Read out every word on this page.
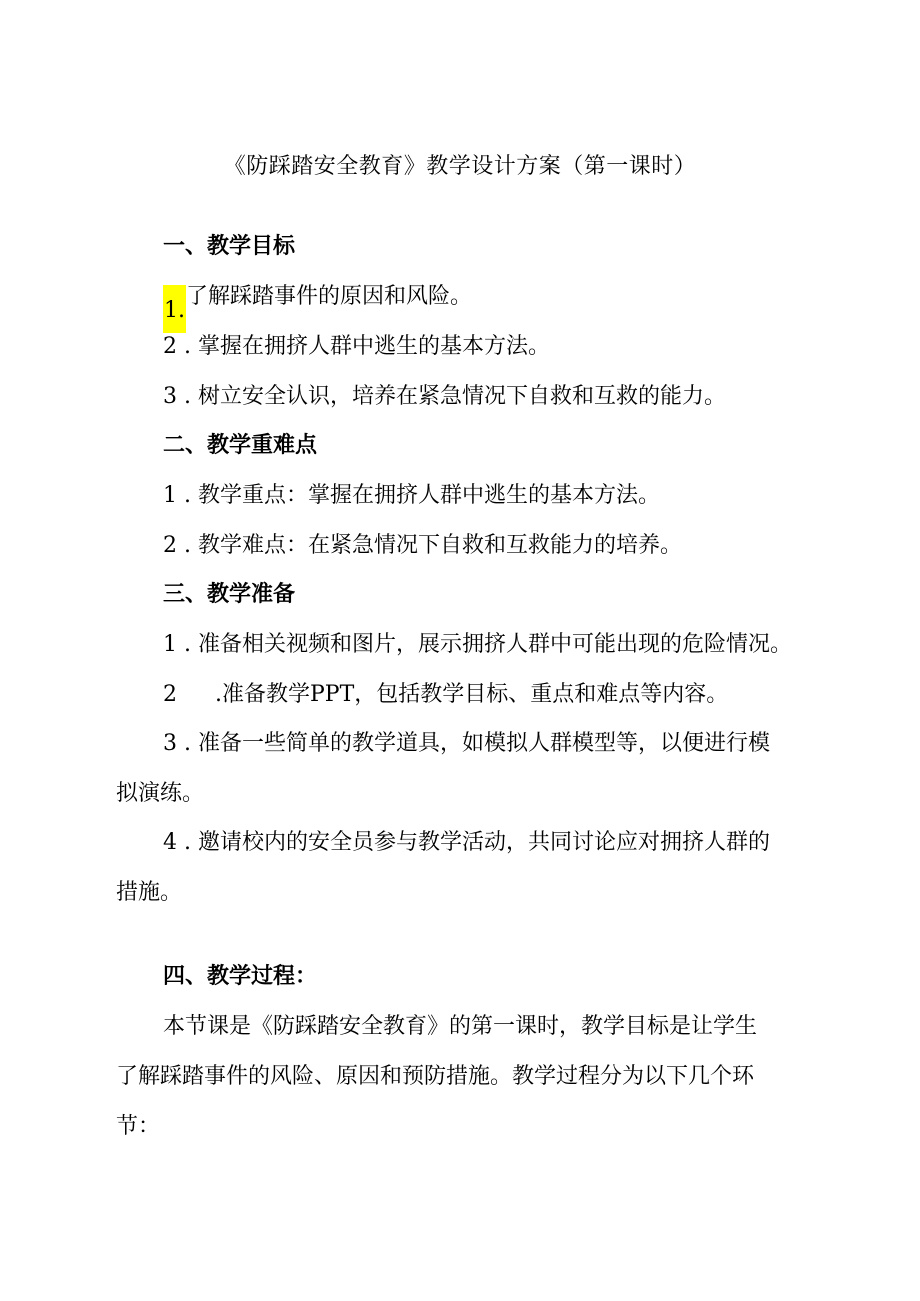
《防踩踏安全教育》教学设计方案（第一课时）
一、教学目标
1.了解踩踏事件的原因和风险。
2 . 掌握在拥挤人群中逃生的基本方法。
3 . 树立安全认识，培养在紧急情况下自救和互救的能力。
二、教学重难点
1 . 教学重点：掌握在拥挤人群中逃生的基本方法。
2 . 教学难点：在紧急情况下自救和互救能力的培养。
三、教学准备
1 . 准备相关视频和图片，展示拥挤人群中可能出现的危险情况。
2 .准备教学PPT，包括教学目标、重点和难点等内容。
3 . 准备一些简单的教学道具，如模拟人群模型等，以便进行模
拟演练。
4 . 邀请校内的安全员参与教学活动，共同讨论应对拥挤人群的
措施。
四、教学过程：
本节课是《防踩踏安全教育》的第一课时，教学目标是让学生
了解踩踏事件的风险、原因和预防措施。教学过程分为以下几个环
节：
